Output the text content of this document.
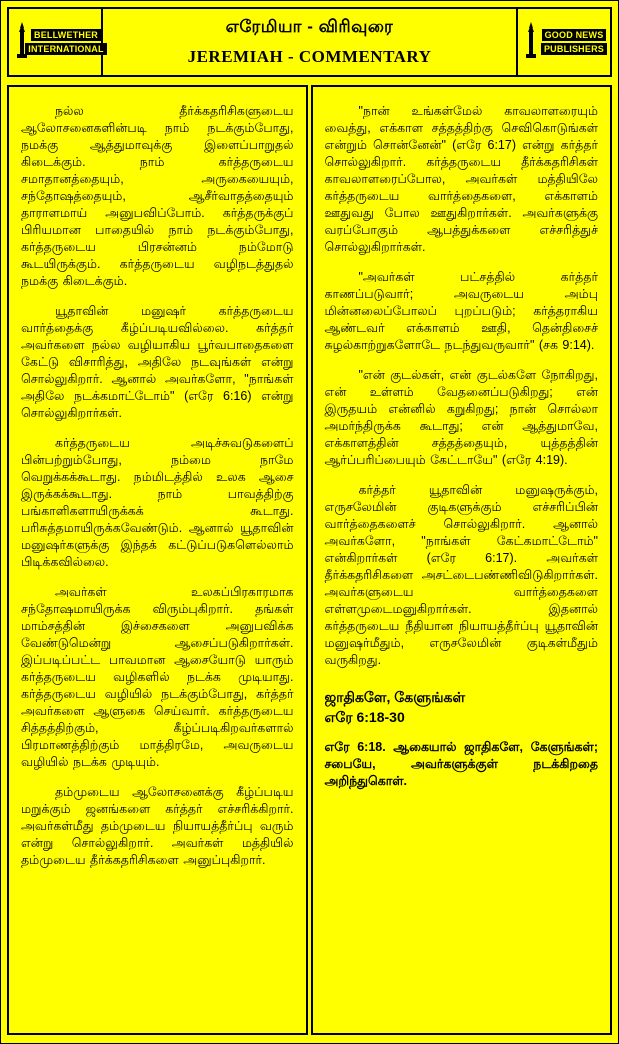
BELLWETHER
INTERNATIONAL
எரேமியா - விரிவுரை
JEREMIAH - COMMENTARY
GOOD NEWS
PUBLISHERS

நல்ல தீர்க்கதரிசிகளுடைய ஆலோசனைகளின்படி நாம் நடக்கும்போது, நமக்கு ஆத்துமாவுக்கு இளைப்பாறுதல் கிடைக்கும். நாம் கர்த்தருடைய சமாதானத்தையும், அருகையையும், சந்தோஷத்தையும், ஆசீர்வாதத்தையும் தாராளமாய் அனுபவிப்போம். கர்த்தருக்குப் பிரியமான பாதையில் நாம் நடக்கும்போது, கர்த்தருடைய பிரசன்னம் நம்மோடு கூடயிருக்கும். கர்த்தருடைய வழிநடத்துதல் நமக்கு கிடைக்கும்.

யூதாவின் மனுஷர் கர்த்தருடைய வார்த்தைக்கு கீழ்ப்படியவில்லை. கர்த்தர் அவர்களை நல்ல வழியாகிய பூர்வபாதைகளை கேட்டு விசாரித்து, அதிலே நடவுங்கள் என்று சொல்லுகிறார். ஆனால் அவர்களோ, "நாங்கள் அதிலே நடக்கமாட்டோம்" (எரே 6:16) என்று சொல்லுகிறார்கள்.

கர்த்தருடைய அடிச்சுவடுகளைப் பின்பற்றும்போது, நம்மை நாமே வெறுக்கக்கூடாது. நம்மிடத்தில் உலக ஆசை இருக்கக்கூடாது. நாம் பாவத்திற்கு பங்காளிகளாயிருக்கக் கூடாது. பரிசுத்தமாயிருக்கவேண்டும். ஆனால் யூதாவின் மனுஷர்களுக்கு இந்தக் கட்டுப்படுகளெல்லாம் பிடிக்கவில்லை.

அவர்கள் உலகப்பிரகாரமாக சந்தோஷமாயிருக்க விரும்புகிறார். தங்கள் மாம்சத்தின் இச்சைகளை அனுபவிக்க வேண்டுமென்று ஆசைப்படுகிறார்கள். இப்படிப்பட்ட பாவமான ஆசையோடு யாரும் கர்த்தருடைய வழிகளில் நடக்க முடியாது. கர்த்தருடைய வழியில் நடக்கும்போது, கர்த்தர் அவர்களை ஆளுகை செய்வார். கர்த்தருடைய சித்தத்திற்கும், கீழ்ப்படிகிறவர்களால் பிரமாணத்திற்கும் மாத்திரமே, அவருடைய வழியில் நடக்க முடியும்.

தம்முடைய ஆலோசனைக்கு கீழ்ப்படிய மறுக்கும் ஜனங்களை கர்த்தர் எச்சரிக்கிறார். அவர்கள்மீது தம்முடைய நியாயத்தீர்ப்பு வரும் என்று சொல்லுகிறார். அவர்கள் மத்தியில் தம்முடைய தீர்க்கதரிசிகளை அனுப்புகிறார்.

"நான் உங்கள்மேல் காவலாளரையும் வைத்து, எக்காள சத்தத்திற்கு செவிகொடுங்கள் என்றும் சொன்னேன்" (எரே 6:17) என்று கர்த்தர் சொல்லுகிறார். கர்த்தருடைய தீர்க்கதரிசிகள் காவலாளரைப்போல, அவர்கள் மத்தியிலே கர்த்தருடைய வார்த்தைகளை, எக்காளம் ஊதுவது போல ஊதுகிறார்கள். அவர்களுக்கு வரப்போகும் ஆபத்துக்களை எச்சரித்துச் சொல்லுகிறார்கள்.

"அவர்கள் பட்சத்தில் கர்த்தர் காணப்படுவார்; அவருடைய அம்பு மின்னலைப்போலப் புறப்படும்; கர்த்தராகிய ஆண்டவர் எக்காளம் ஊதி, தென்திசைச் சுழல்காற்றுகளோடே நடந்துவருவார்" (சக 9:14).

"என் குடல்கள், என் குடல்களே நோகிறது, என் உள்ளம் வேதனைப்படுகிறது; என் இருதயம் என்னில் கறுகிறது; நான் சொல்லா அமர்ந்திருக்க கூடாது; என் ஆத்துமாவே, எக்காளத்தின் சத்தத்தையும், யுத்தத்தின் ஆர்ப்பரிப்பையும் கேட்டாயே" (எரே 4:19).

கர்த்தர் யூதாவின் மனுஷருக்கும், எருசலேமின் குடிகளுக்கும் எச்சரிப்பின் வார்த்தைகளைச் சொல்லுகிறார். ஆனால் அவர்களோ, "நாங்கள் கேட்கமாட்டோம்" என்கிறார்கள் (எரே 6:17). அவர்கள் தீர்க்கதரிசிகளை அசட்டைபண்ணிவிடுகிறார்கள். அவர்களுடைய வார்த்தைகளை எள்ளமுடைமனுகிறார்கள். இதனால் கர்த்தருடைய நீதியான நியாயத்தீர்ப்பு யூதாவின் மனுஷர்மீதும், எருசலேமின் குடிகள்மீதும் வருகிறது.

ஜாதிகளே, கேளுங்கள்
எரே 6:18-30

எரே 6:18. ஆகையால் ஜாதிகளே, கேளுங்கள்; சபையே, அவர்களுக்குள் நடக்கிறதை அறிந்துகொள்.
